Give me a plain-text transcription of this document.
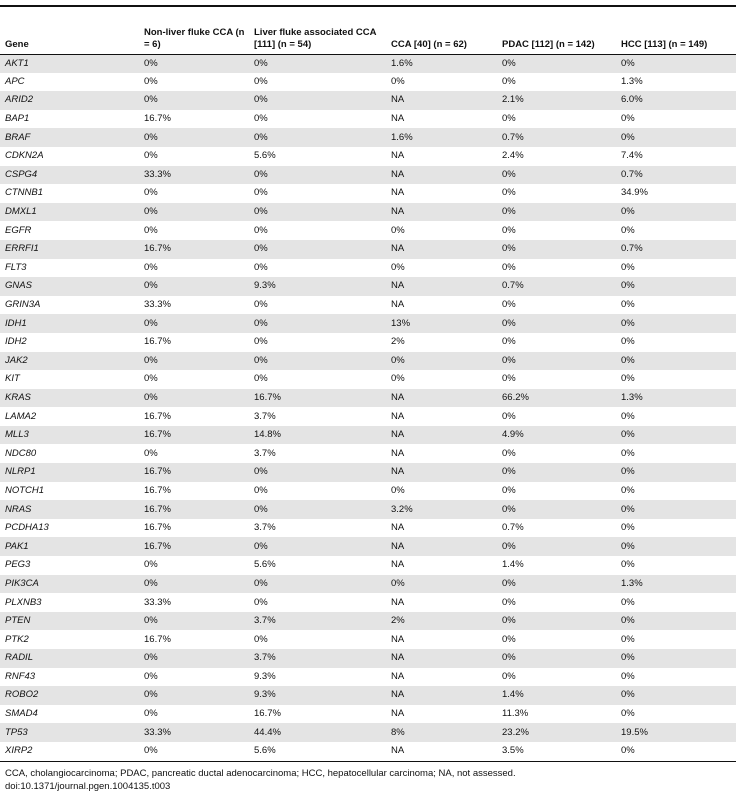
Gene	Non-liver fluke CCA (n = 6)	Liver fluke associated CCA [111] (n = 54)	CCA [40] (n = 62)	PDAC [112] (n = 142)	HCC [113] (n = 149)
AKT1	0%	0%	1.6%	0%	0%
APC	0%	0%	0%	0%	1.3%
ARID2	0%	0%	NA	2.1%	6.0%
BAP1	16.7%	0%	NA	0%	0%
BRAF	0%	0%	1.6%	0.7%	0%
CDKN2A	0%	5.6%	NA	2.4%	7.4%
CSPG4	33.3%	0%	NA	0%	0.7%
CTNNB1	0%	0%	NA	0%	34.9%
DMXL1	0%	0%	NA	0%	0%
EGFR	0%	0%	0%	0%	0%
ERRFI1	16.7%	0%	NA	0%	0.7%
FLT3	0%	0%	0%	0%	0%
GNAS	0%	9.3%	NA	0.7%	0%
GRIN3A	33.3%	0%	NA	0%	0%
IDH1	0%	0%	13%	0%	0%
IDH2	16.7%	0%	2%	0%	0%
JAK2	0%	0%	0%	0%	0%
KIT	0%	0%	0%	0%	0%
KRAS	0%	16.7%	NA	66.2%	1.3%
LAMA2	16.7%	3.7%	NA	0%	0%
MLL3	16.7%	14.8%	NA	4.9%	0%
NDC80	0%	3.7%	NA	0%	0%
NLRP1	16.7%	0%	NA	0%	0%
NOTCH1	16.7%	0%	0%	0%	0%
NRAS	16.7%	0%	3.2%	0%	0%
PCDHA13	16.7%	3.7%	NA	0.7%	0%
PAK1	16.7%	0%	NA	0%	0%
PEG3	0%	5.6%	NA	1.4%	0%
PIK3CA	0%	0%	0%	0%	1.3%
PLXNB3	33.3%	0%	NA	0%	0%
PTEN	0%	3.7%	2%	0%	0%
PTK2	16.7%	0%	NA	0%	0%
RADIL	0%	3.7%	NA	0%	0%
RNF43	0%	9.3%	NA	0%	0%
ROBO2	0%	9.3%	NA	1.4%	0%
SMAD4	0%	16.7%	NA	11.3%	0%
TP53	33.3%	44.4%	8%	23.2%	19.5%
XIRP2	0%	5.6%	NA	3.5%	0%
CCA, cholangiocarcinoma; PDAC, pancreatic ductal adenocarcinoma; HCC, hepatocellular carcinoma; NA, not assessed.
doi:10.1371/journal.pgen.1004135.t003
